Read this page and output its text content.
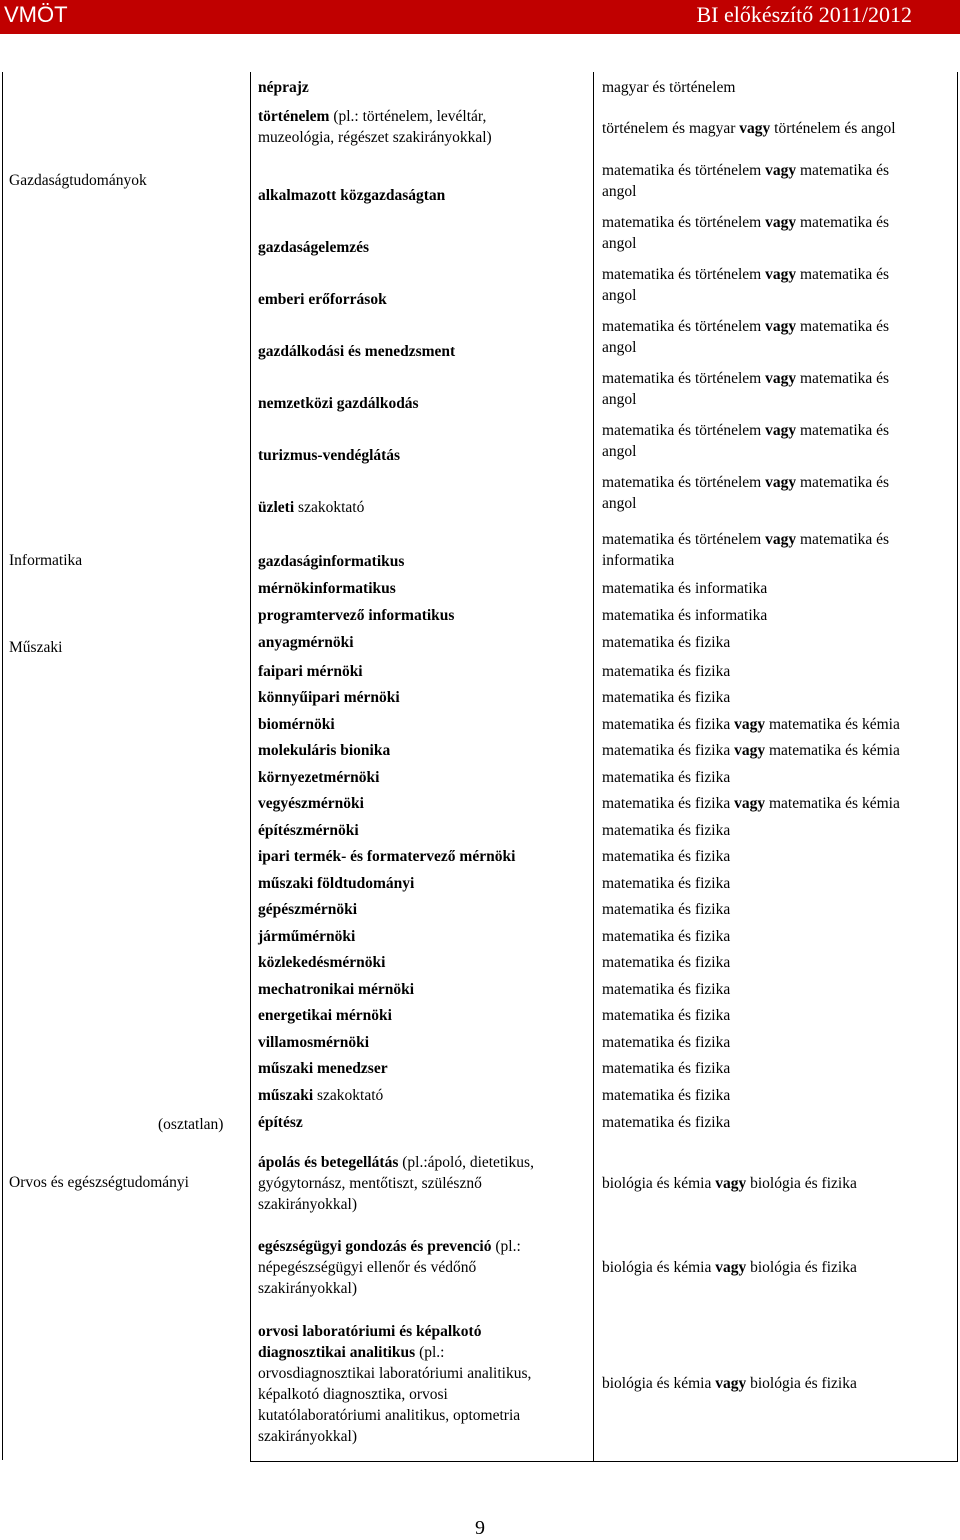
VMÖT	BI előkészítő 2011/2012
Gazdaságtudományok
Informatika
Műszaki
(osztatlan)
Orvos és egészségtudományi
néprajz
történelem (pl.: történelem, levéltár,
muzeológia, régészet szakirányokkal)
alkalmazott közgazdaságtan
gazdaságelemzés
emberi erőforrások
gazdálkodási és menedzsment
nemzetközi gazdálkodás
turizmus-vendéglátás
üzleti szakoktató
gazdaságinformatikus
mérnökinformatikus
programtervező informatikus
anyagmérnöki
faipari mérnöki
könnyűipari mérnöki
biomérnöki
molekuláris bionika
környezetmérnöki
vegyészmérnöki
építészmérnöki
ipari termék- és formatervező mérnöki
műszaki földtudományi
gépészmérnöki
járműmérnöki
közlekedésmérnöki
mechatronikai mérnöki
energetikai mérnöki
villamosmérnöki
műszaki menedzser
műszaki szakoktató
építész
ápolás és betegellátás (pl.:ápoló, dietetikus,
gyógytornász, mentőtiszt, szülésznő
szakirányokkal)
egészségügyi gondozás és prevenció (pl.:
népegészségügyi ellenőr és védőnő
szakirányokkal)
orvosi laboratóriumi és képalkotó
diagnosztikai analitikus (pl.:
orvosdiagnosztikai laboratóriumi analitikus,
képalkotó diagnosztika, orvosi
kutatólaboratóriumi analitikus, optometria
szakirányokkal)
magyar és történelem
történelem és magyar vagy történelem és angol
matematika és történelem vagy matematika és
angol
matematika és történelem vagy matematika és
angol
matematika és történelem vagy matematika és
angol
matematika és történelem vagy matematika és
angol
matematika és történelem vagy matematika és
angol
matematika és történelem vagy matematika és
angol
matematika és történelem vagy matematika és
angol
matematika és történelem vagy matematika és
informatika
matematika és informatika
matematika és informatika
matematika és fizika
matematika és fizika
matematika és fizika
matematika és fizika vagy matematika és kémia
matematika és fizika vagy matematika és kémia
matematika és fizika
matematika és fizika vagy matematika és kémia
matematika és fizika
matematika és fizika
matematika és fizika
matematika és fizika
matematika és fizika
matematika és fizika
matematika és fizika
matematika és fizika
matematika és fizika
matematika és fizika
matematika és fizika
matematika és fizika
biológia és kémia vagy biológia és fizika
biológia és kémia vagy biológia és fizika
biológia és kémia vagy biológia és fizika
9
